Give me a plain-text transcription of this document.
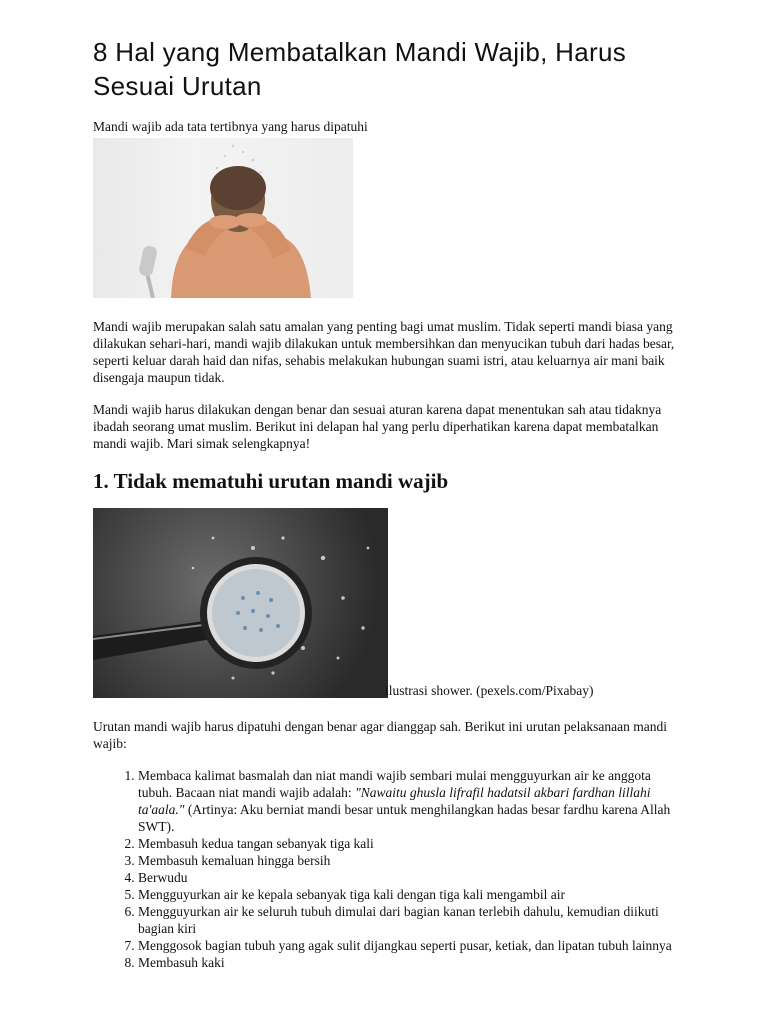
8 Hal yang Membatalkan Mandi Wajib, Harus Sesuai Urutan

Mandi wajib ada tata tertibnya yang harus dipatuhi

Mandi wajib merupakan salah satu amalan yang penting bagi umat muslim. Tidak seperti mandi biasa yang dilakukan sehari-hari, mandi wajib dilakukan untuk membersihkan dan menyucikan tubuh dari hadas besar, seperti keluar darah haid dan nifas, sehabis melakukan hubungan suami istri, atau keluarnya air mani baik disengaja maupun tidak.

Mandi wajib harus dilakukan dengan benar dan sesuai aturan karena dapat menentukan sah atau tidaknya ibadah seorang umat muslim. Berikut ini delapan hal yang perlu diperhatikan karena dapat membatalkan mandi wajib. Mari simak selengkapnya!

1. Tidak mematuhi urutan mandi wajib

ilustrasi shower. (pexels.com/Pixabay)

Urutan mandi wajib harus dipatuhi dengan benar agar dianggap sah. Berikut ini urutan pelaksanaan mandi wajib:

1. Membaca kalimat basmalah dan niat mandi wajib sembari mulai mengguyurkan air ke anggota tubuh. Bacaan niat mandi wajib adalah: "Nawaitu ghusla lifrafil hadatsil akbari fardhan lillahi ta'aala." (Artinya: Aku berniat mandi besar untuk menghilangkan hadas besar fardhu karena Allah SWT).
2. Membasuh kedua tangan sebanyak tiga kali
3. Membasuh kemaluan hingga bersih
4. Berwudu
5. Mengguyurkan air ke kepala sebanyak tiga kali dengan tiga kali mengambil air
6. Mengguyurkan air ke seluruh tubuh dimulai dari bagian kanan terlebih dahulu, kemudian diikuti bagian kiri
7. Menggosok bagian tubuh yang agak sulit dijangkau seperti pusar, ketiak, dan lipatan tubuh lainnya
8. Membasuh kaki
